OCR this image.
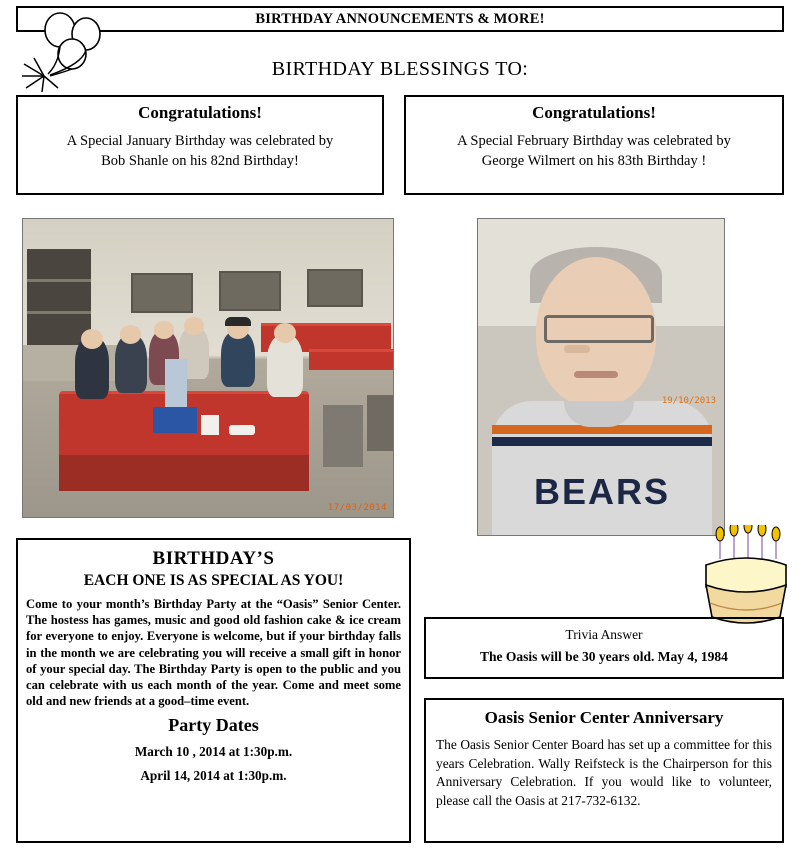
BIRTHDAY ANNOUNCEMENTS & MORE!
BIRTHDAY BLESSINGS TO:
Congratulations!

A Special January Birthday was celebrated by

Bob Shanle on his 82nd Birthday!

Congratulations!

A Special February Birthday was celebrated by

George Wilmert on his 83th Birthday !

17/03/2014	BEARS
19/10/2013
BIRTHDAY’S
EACH ONE IS AS SPECIAL AS YOU!
Come to your month’s Birthday Party at the “Oasis” Senior Center. The hostess has games, music and good old fashion cake & ice cream for everyone to enjoy. Everyone is welcome, but if your birthday falls in the month we are celebrating you will receive a small gift in honor of your special day. The Birthday Party is open to the public and you can celebrate with us each month of the year. Come and meet some old and new friends at a good–time event.
Party Dates
March 10 , 2014 at 1:30p.m.
April 14, 2014 at 1:30p.m.
Trivia Answer
The Oasis will be 30 years old. May 4, 1984
Oasis Senior Center Anniversary

The Oasis Senior Center Board has set up a committee for this years Celebration. Wally Reifsteck is the Chairperson for this Anniversary Celebration. If you would like to volunteer, please call the Oasis at 217-732-6132.
